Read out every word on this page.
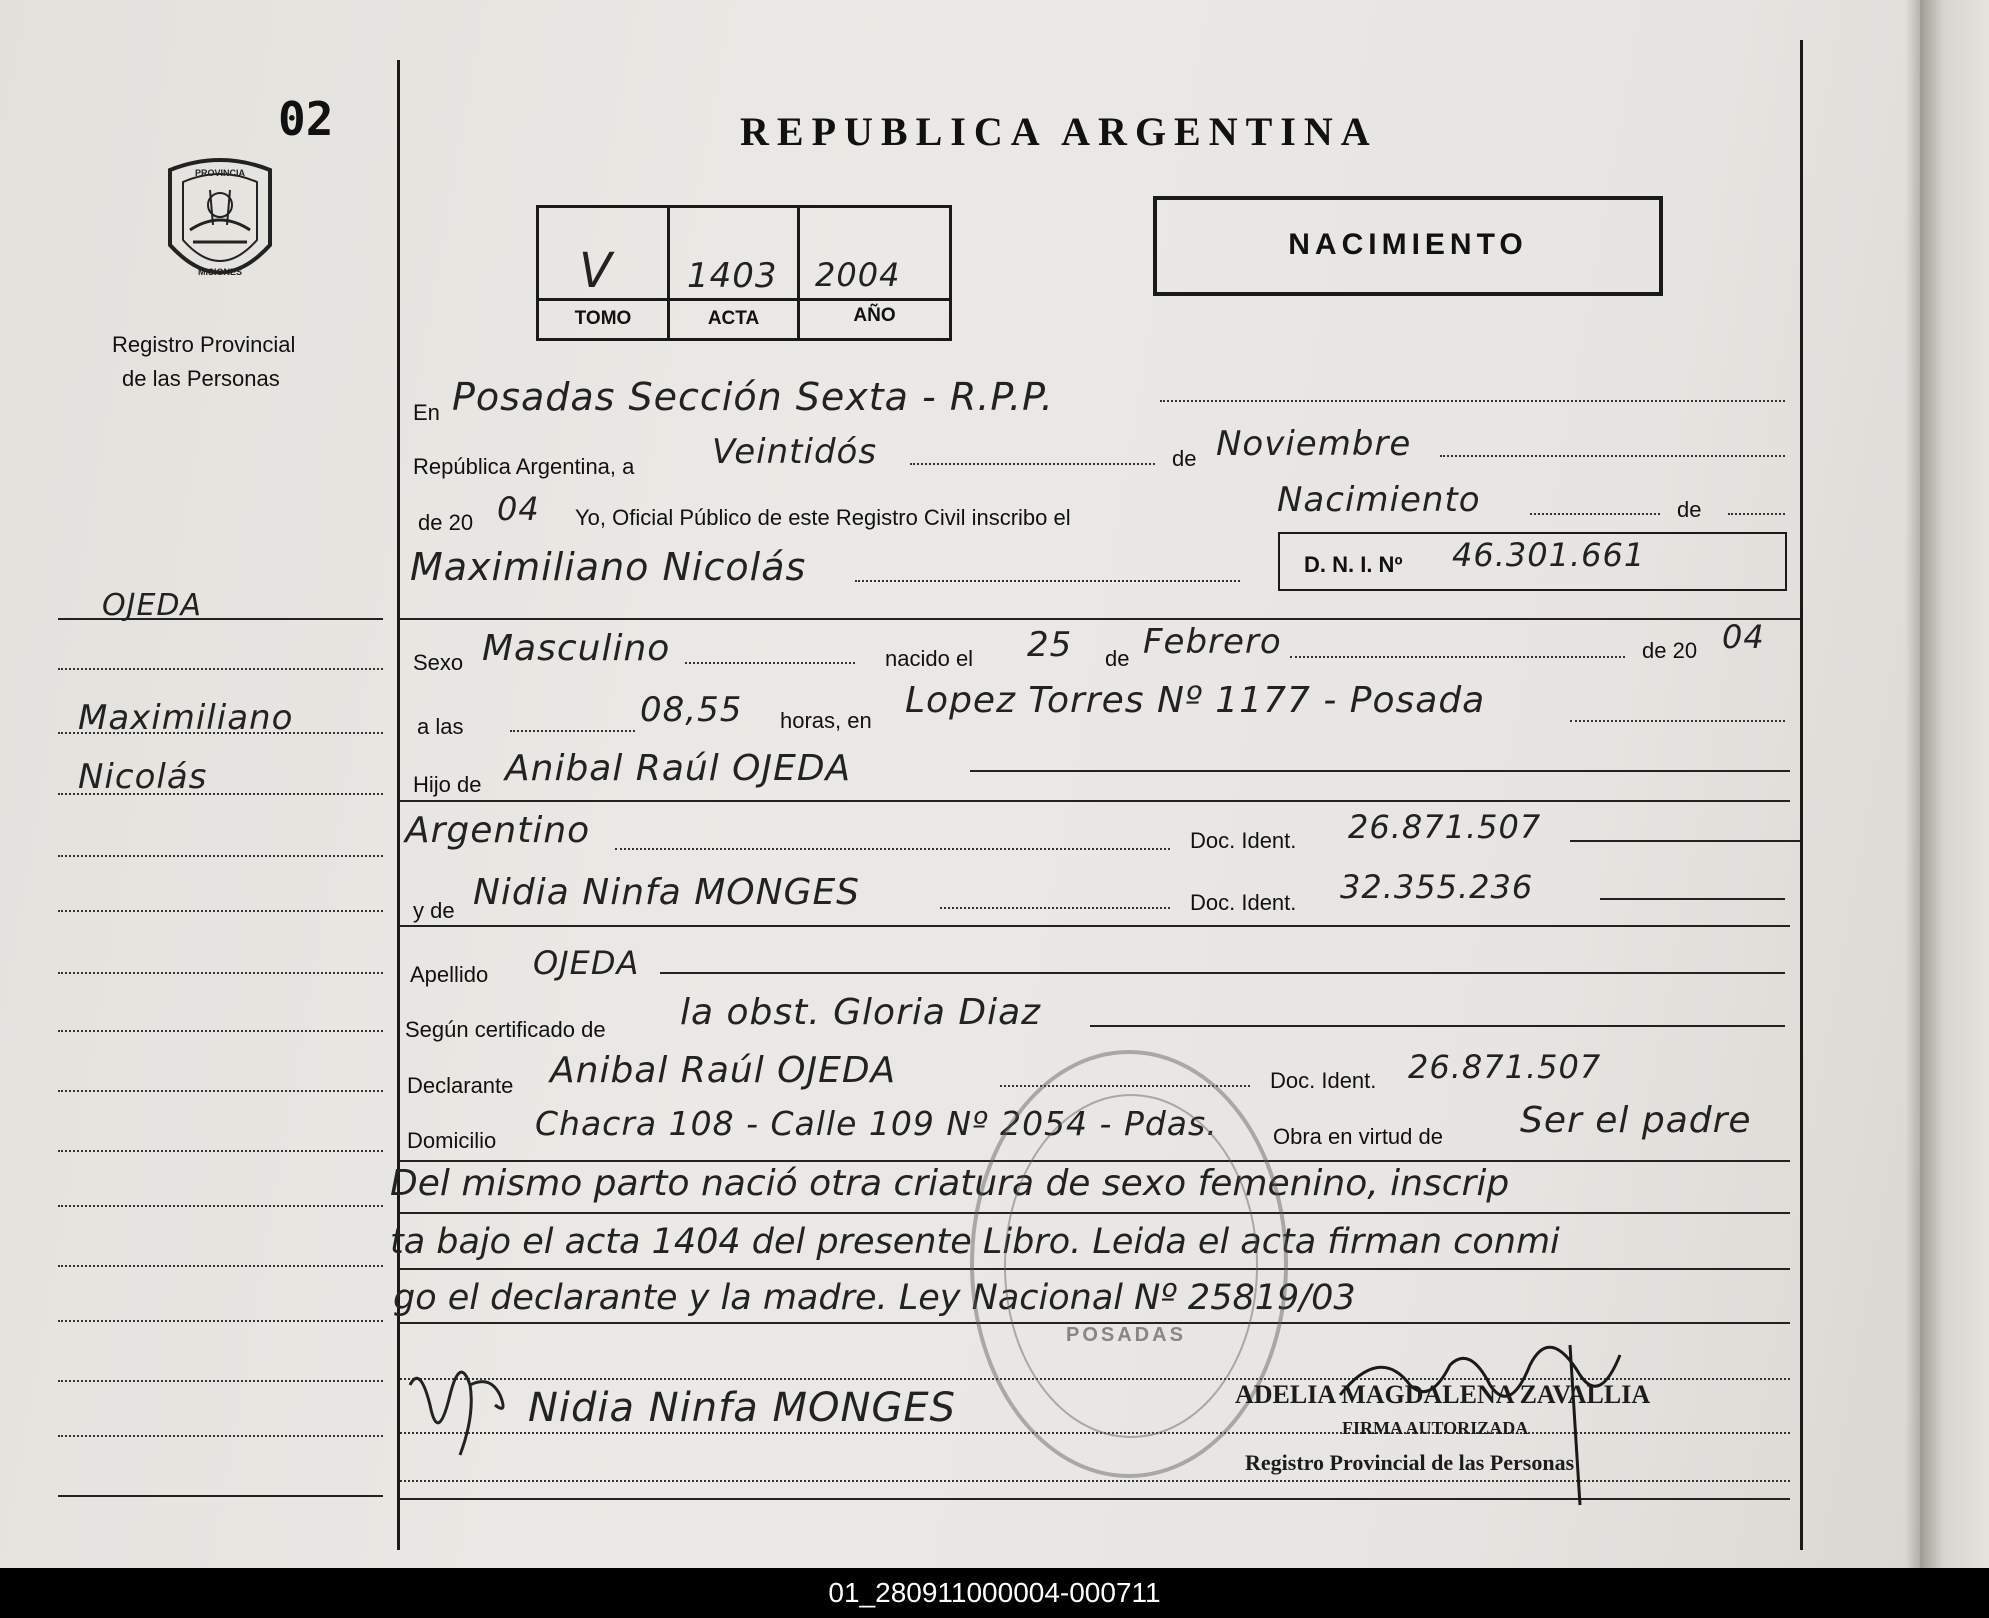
02
PROVINCIA
MISIONES
Registro Provincial
de las Personas
REPUBLICA ARGENTINA
V 1403 2004
TOMO	ACTA	AÑO
NACIMIENTO
OJEDA
Maximiliano
Nicolás
En Posadas Sección Sexta - R.P.P.
República Argentina, a Veintidós	de Noviembre
de 20 04 Yo, Oficial Público de este Registro Civil inscribo el	Nacimiento	de
Maximiliano Nicolás	D. N. I. Nº 46.301.661
Sexo Masculino	nacido el 25 de Febrero	de 20 04
a las	08,55 horas, en Lopez Torres Nº 1177 - Posada
Hijo de Anibal Raúl OJEDA
Argentino	Doc. Ident. 26.871.507
y de Nidia Ninfa MONGES	Doc. Ident. 32.355.236
Apellido OJEDA
Según certificado de la obst. Gloria Diaz
Declarante Anibal Raúl OJEDA	Doc. Ident. 26.871.507
Domicilio Chacra 108 - Calle 109 Nº 2054 - Pdas.	Obra en virtud de Ser el padre
Del mismo parto nació otra criatura de sexo femenino, inscrip
ta bajo el acta 1404 del presente Libro. Leida el acta firman conmi
go el declarante y la madre. Ley Nacional Nº 25819/03
POSADAS
Nidia Ninfa MONGES	ADELIA MAGDALENA ZAVALLIA
FIRMA AUTORIZADA
Registro Provincial de las Personas
01_280911000004-000711
